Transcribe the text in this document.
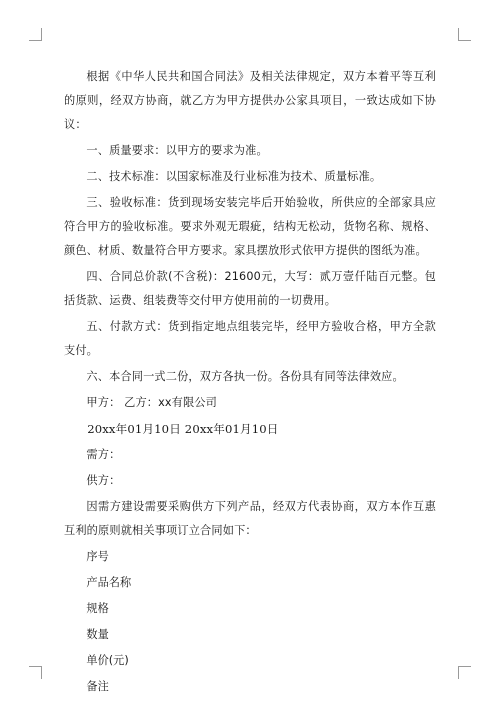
根据《中华人民共和国合同法》及相关法律规定，双方本着平等互利的原则，经双方协商，就乙方为甲方提供办公家具项目，一致达成如下协议：

一、质量要求：以甲方的要求为准。

二、技术标准：以国家标准及行业标准为技术、质量标准。

三、验收标准：货到现场安装完毕后开始验收，所供应的全部家具应符合甲方的验收标准。要求外观无瑕疵，结构无松动，货物名称、规格、颜色、材质、数量符合甲方要求。家具摆放形式依甲方提供的图纸为准。

四、合同总价款(不含税)：21600元，大写：贰万壹仟陆百元整。包括货款、运费、组装费等交付甲方使用前的一切费用。

五、付款方式：货到指定地点组装完毕，经甲方验收合格，甲方全款支付。

六、本合同一式二份，双方各执一份。各份具有同等法律效应。

甲方： 乙方：xx有限公司

20xx年01月10日 20xx年01月10日

需方：

供方：

因需方建设需要采购供方下列产品，经双方代表协商，双方本作互惠互利的原则就相关事项订立合同如下：

序号
产品名称
规格
数量
单价(元)
备注
